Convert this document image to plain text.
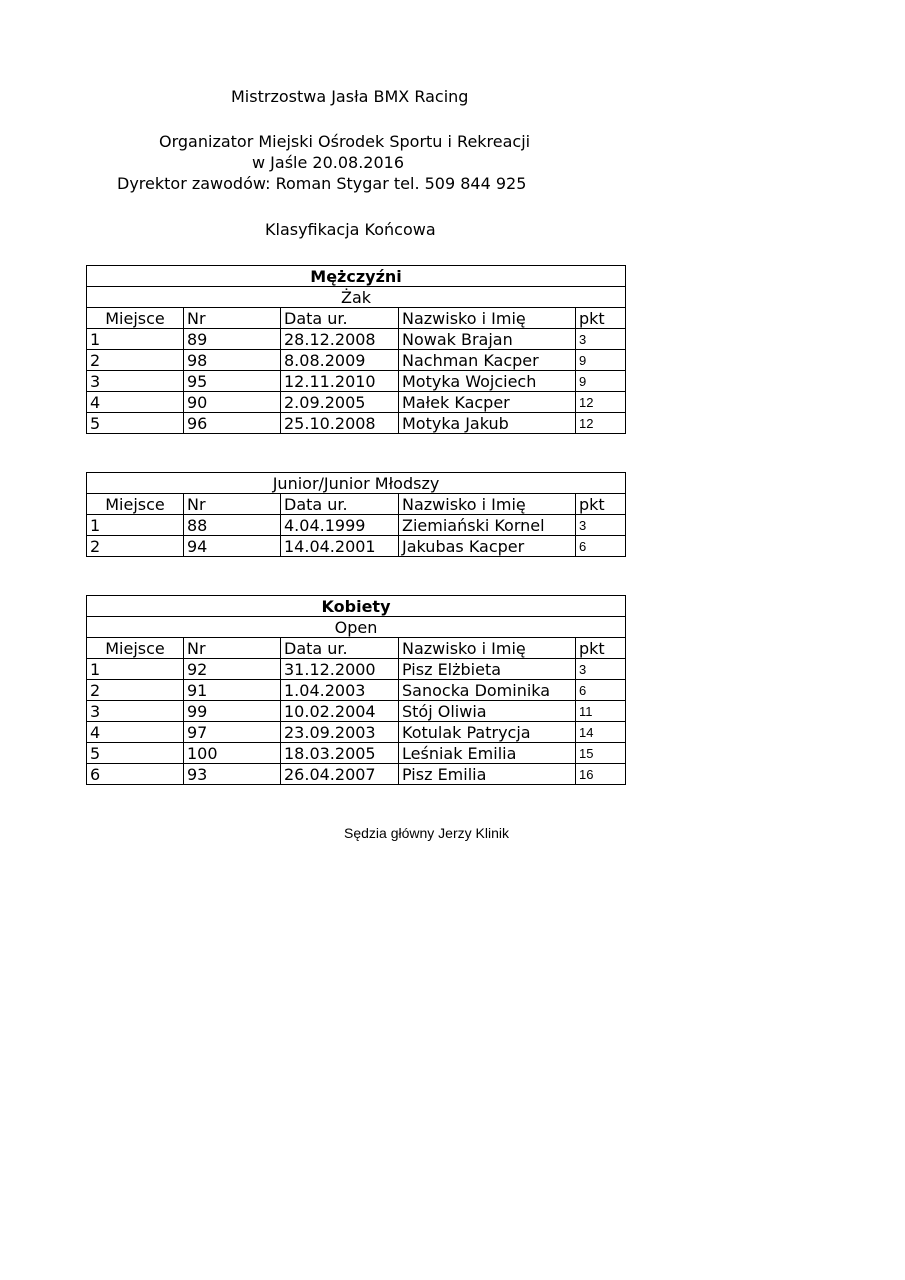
Mistrzostwa Jasła BMX Racing
Organizator Miejski Ośrodek Sportu i Rekreacji
w Jaśle 20.08.2016
Dyrektor zawodów: Roman Stygar tel. 509 844 925
Klasyfikacja Końcowa
Mężczyźni				
Żak				
Miejsce	Nr	Data ur.	Nazwisko i Imię	pkt
1	89	28.12.2008	Nowak Brajan	3
2	98	8.08.2009	Nachman Kacper	9
3	95	12.11.2010	Motyka Wojciech	9
4	90	2.09.2005	Małek Kacper	12
5	96	25.10.2008	Motyka Jakub	12
Junior/Junior Młodszy				
Miejsce	Nr	Data ur.	Nazwisko i Imię	pkt
1	88	4.04.1999	Ziemiański Kornel	3
2	94	14.04.2001	Jakubas Kacper	6
Kobiety				
Open				
Miejsce	Nr	Data ur.	Nazwisko i Imię	pkt
1	92	31.12.2000	Pisz Elżbieta	3
2	91	1.04.2003	Sanocka Dominika	6
3	99	10.02.2004	Stój Oliwia	11
4	97	23.09.2003	Kotulak Patrycja	14
5	100	18.03.2005	Leśniak Emilia	15
6	93	26.04.2007	Pisz Emilia	16
Sędzia główny Jerzy Klinik
